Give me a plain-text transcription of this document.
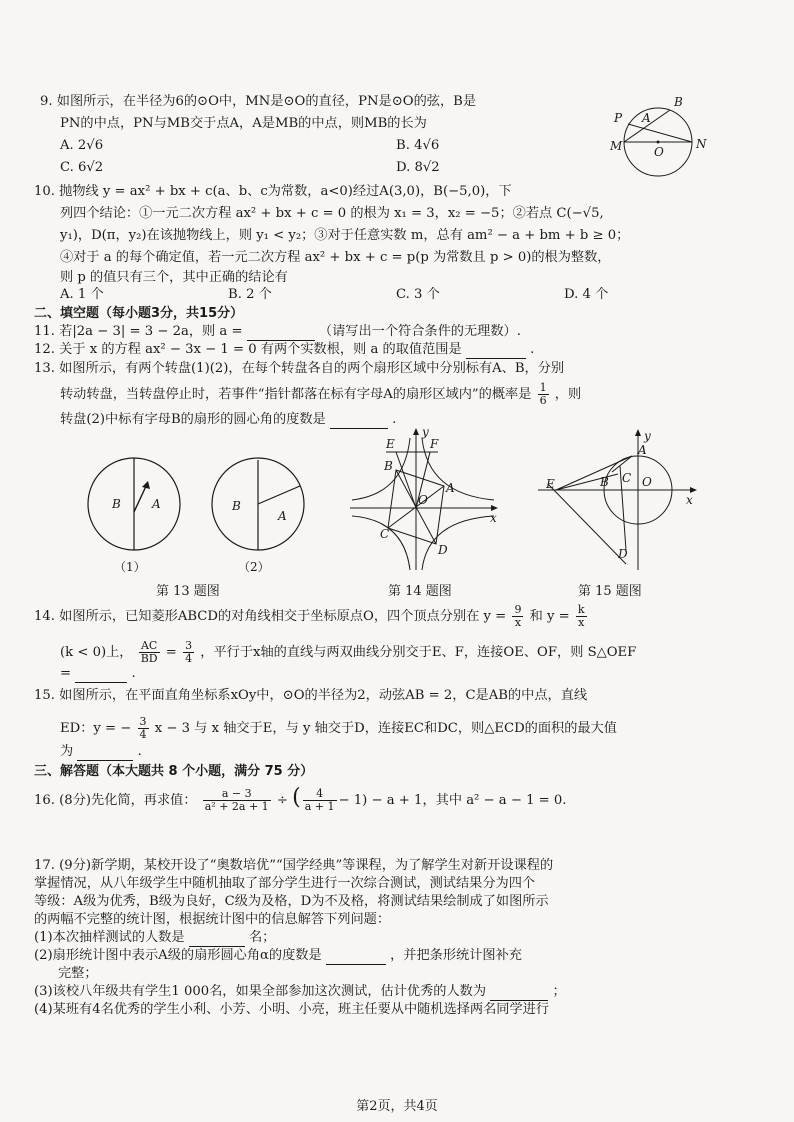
9. 如图所示，在半径为6的⊙O中，MN是⊙O的直径，PN是⊙O的弦，B是
PN的中点，PN与MB交于点A，A是MB的中点，则MB的长为
A. 2√6	B. 4√6
C. 6√2	D. 8√2
P
B
A
M	O
N
10. 抛物线 y = ax² + bx + c(a、b、c为常数，a<0)经过A(3,0)，B(−5,0)，下
列四个结论：①一元二次方程 ax² + bx + c = 0 的根为 x₁ = 3，x₂ = −5；②若点 C(−√5,
y₁)，D(π，y₂)在该抛物线上，则 y₁ < y₂；③对于任意实数 m，总有 am² − a + bm + b ≥ 0；
④对于 a 的每个确定值，若一元二次方程 ax² + bx + c = p(p 为常数且 p > 0)的根为整数，
则 p 的值只有三个，其中正确的结论有
A. 1 个	B. 2 个	C. 3 个	D. 4 个
二、填空题（每小题3分，共15分）
11. 若|2a − 3| = 3 − 2a，则 a =	（请写出一个符合条件的无理数）.
12. 关于 x 的方程 ax² − 3x − 1 = 0 有两个实数根，则 a 的取值范围是	.
13. 如图所示，有两个转盘(1)(2)，在每个转盘各自的两个扇形区域中分别标有A、B，分别
转动转盘，当转盘停止时，若事件“指针都落在标有字母A的扇形区域内”的概率是 $\frac{1}{6}$ ，则
转盘(2)中标有字母B的扇形的圆心角的度数是	.
B	A
（1）
B
A
（2）
y
x
E	F
B
O
A
C
D
y
x
E	B C
A
O
D
第 13 题图	第 14 题图	第 15 题图
14. 如图所示，已知菱形ABCD的对角线相交于坐标原点O，四个顶点分别在 $y = \frac{9}{x}$ 和 $y = \frac{k}{x}$
(k < 0)上， $\frac{AC}{BD} = \frac{3}{4}$ ，平行于x轴的直线与两双曲线分别交于E、F，连接OE、OF，则 S△OEF
=	.
15. 如图所示，在平面直角坐标系xOy中，⊙O的半径为2，动弦AB = 2，C是AB的中点，直线
ED：y = − $\frac{3}{4}$ x − 3 与 x 轴交于E，与 y 轴交于D，连接EC和DC，则△ECD的面积的最大值
为	.
三、解答题（本大题共 8 个小题，满分 75 分）
16. (8分)先化简，再求值： $\frac{a - 3}{\text{a² + 2a + 1}}$ ÷ ( $\frac{4}{a + 1} - 1) - a + 1$，其中 a² − a − 1 = 0.
17. (9分)新学期，某校开设了“奥数培优”“国学经典”等课程，为了解学生对新开设课程的
掌握情况，从八年级学生中随机抽取了部分学生进行一次综合测试，测试结果分为四个
等级：A级为优秀，B级为良好，C级为及格，D为不及格，将测试结果绘制成了如图所示
的两幅不完整的统计图，根据统计图中的信息解答下列问题：
(1)本次抽样测试的人数是	名；
(2)扇形统计图中表示A级的扇形圆心角α的度数是	，并把条形统计图补充
完整；
(3)该校八年级共有学生1 000名，如果全部参加这次测试，估计优秀的人数为	；
(4)某班有4名优秀的学生小利、小芳、小明、小亮，班主任要从中随机选择两名同学进行
第2页，共4页
